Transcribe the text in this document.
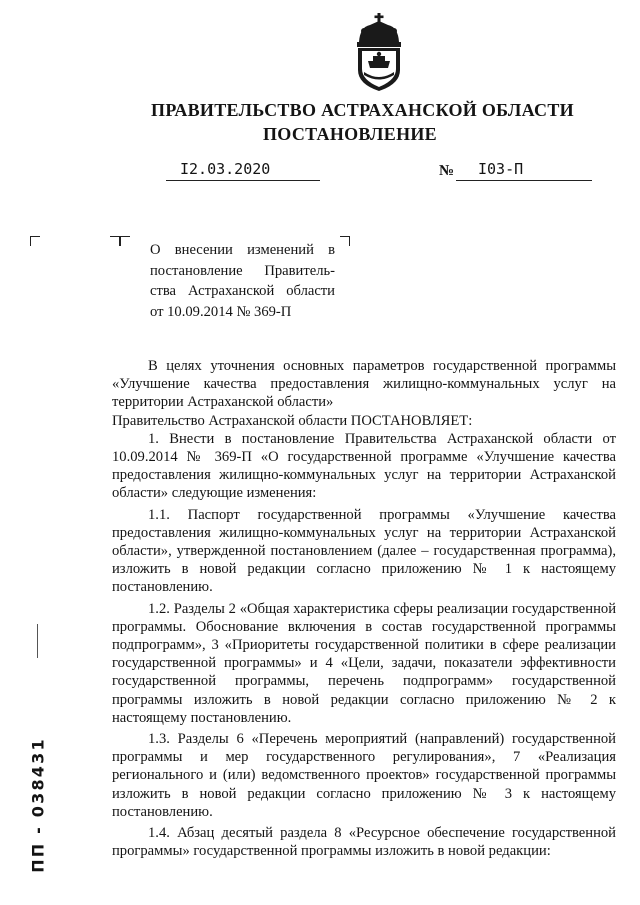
ПРАВИТЕЛЬСТВО АСТРАХАНСКОЙ ОБЛАСТИ
ПОСТАНОВЛЕНИЕ
I2.03.2020	№ I03-П
О внесении изменений в
постановление Правитель-
ства Астраханской области
от 10.09.2014 № 369-П

В целях уточнения основных параметров государственной программы «Улучшение качества предоставления жилищно-коммунальных услуг на территории Астраханской области»

Правительство Астраханской области ПОСТАНОВЛЯЕТ:

1. Внести в постановление Правительства Астраханской области от 10.09.2014 № 369-П «О государственной программе «Улучшение качества предоставления жилищно-коммунальных услуг на территории Астраханской области» следующие изменения:

1.1. Паспорт государственной программы «Улучшение качества предоставления жилищно-коммунальных услуг на территории Астраханской области», утвержденной постановлением (далее – государственная программа), изложить в новой редакции согласно приложению № 1 к настоящему постановлению.

1.2. Разделы 2 «Общая характеристика сферы реализации государственной программы. Обоснование включения в состав государственной программы подпрограмм», 3 «Приоритеты государственной политики в сфере реализации государственной программы» и 4 «Цели, задачи, показатели эффективности государственной программы, перечень подпрограмм» государственной программы изложить в новой редакции согласно приложению № 2 к настоящему постановлению.

1.3. Разделы 6 «Перечень мероприятий (направлений) государственной программы и мер государственного регулирования», 7 «Реализация регионального и (или) ведомственного проектов» государственной программы изложить в новой редакции согласно приложению № 3 к настоящему постановлению.

1.4. Абзац десятый раздела 8 «Ресурсное обеспечение государственной программы» государственной программы изложить в новой редакции:

ПП - 038431
